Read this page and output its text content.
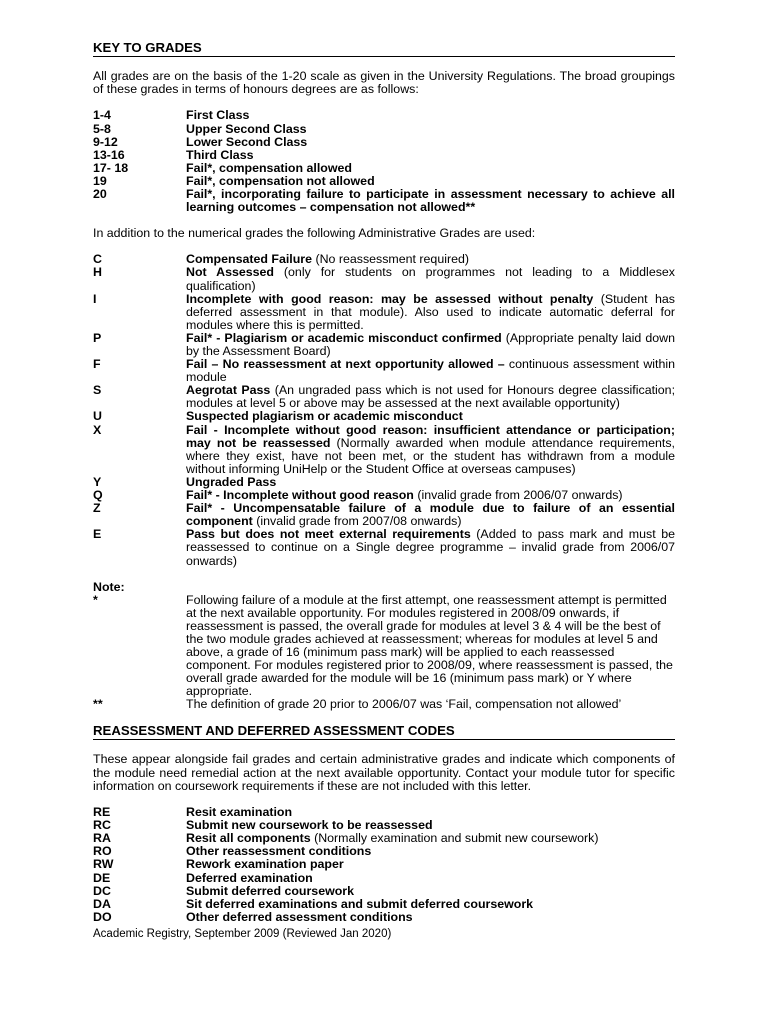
KEY TO GRADES

All grades are on the basis of the 1-20 scale as given in the University Regulations. The broad groupings of these grades in terms of honours degrees are as follows:

1-4	First Class
5-8	Upper Second Class
9-12	Lower Second Class
13-16	Third Class
17- 18	Fail*, compensation allowed
19	Fail*, compensation not allowed
20	Fail*, incorporating failure to participate in assessment necessary to achieve all learning outcomes – compensation not allowed**

In addition to the numerical grades the following Administrative Grades are used:

C	Compensated Failure (No reassessment required)
H	Not Assessed (only for students on programmes not leading to a Middlesex qualification)
I	Incomplete with good reason: may be assessed without penalty (Student has deferred assessment in that module). Also used to indicate automatic deferral for modules where this is permitted.
P	Fail* - Plagiarism or academic misconduct confirmed (Appropriate penalty laid down by the Assessment Board)
F	Fail – No reassessment at next opportunity allowed – continuous assessment within module
S	Aegrotat Pass (An ungraded pass which is not used for Honours degree classification; modules at level 5 or above may be assessed at the next available opportunity)
U	Suspected plagiarism or academic misconduct
X	Fail - Incomplete without good reason: insufficient attendance or participation; may not be reassessed (Normally awarded when module attendance requirements, where they exist, have not been met, or the student has withdrawn from a module without informing UniHelp or the Student Office at overseas campuses)
Y	Ungraded Pass
Q	Fail* - Incomplete without good reason (invalid grade from 2006/07 onwards)
Z	Fail* - Uncompensatable failure of a module due to failure of an essential component (invalid grade from 2007/08 onwards)
E	Pass but does not meet external requirements (Added to pass mark and must be reassessed to continue on a Single degree programme – invalid grade from 2006/07 onwards)
Note:
*	Following failure of a module at the first attempt, one reassessment attempt is permitted at the next available opportunity. For modules registered in 2008/09 onwards, if reassessment is passed, the overall grade for modules at level 3 & 4 will be the best of the two module grades achieved at reassessment; whereas for modules at level 5 and above, a grade of 16 (minimum pass mark) will be applied to each reassessed component. For modules registered prior to 2008/09, where reassessment is passed, the overall grade awarded for the module will be 16 (minimum pass mark) or Y where appropriate.
**	The definition of grade 20 prior to 2006/07 was ‘Fail, compensation not allowed’
REASSESSMENT AND DEFERRED ASSESSMENT CODES

These appear alongside fail grades and certain administrative grades and indicate which components of the module need remedial action at the next available opportunity. Contact your module tutor for specific information on coursework requirements if these are not included with this letter.

RE	Resit examination
RC	Submit new coursework to be reassessed
RA	Resit all components (Normally examination and submit new coursework)
RO	Other reassessment conditions
RW	Rework examination paper
DE	Deferred examination
DC	Submit deferred coursework
DA	Sit deferred examinations and submit deferred coursework
DO	Other deferred assessment conditions
Academic Registry, September 2009 (Reviewed Jan 2020)
